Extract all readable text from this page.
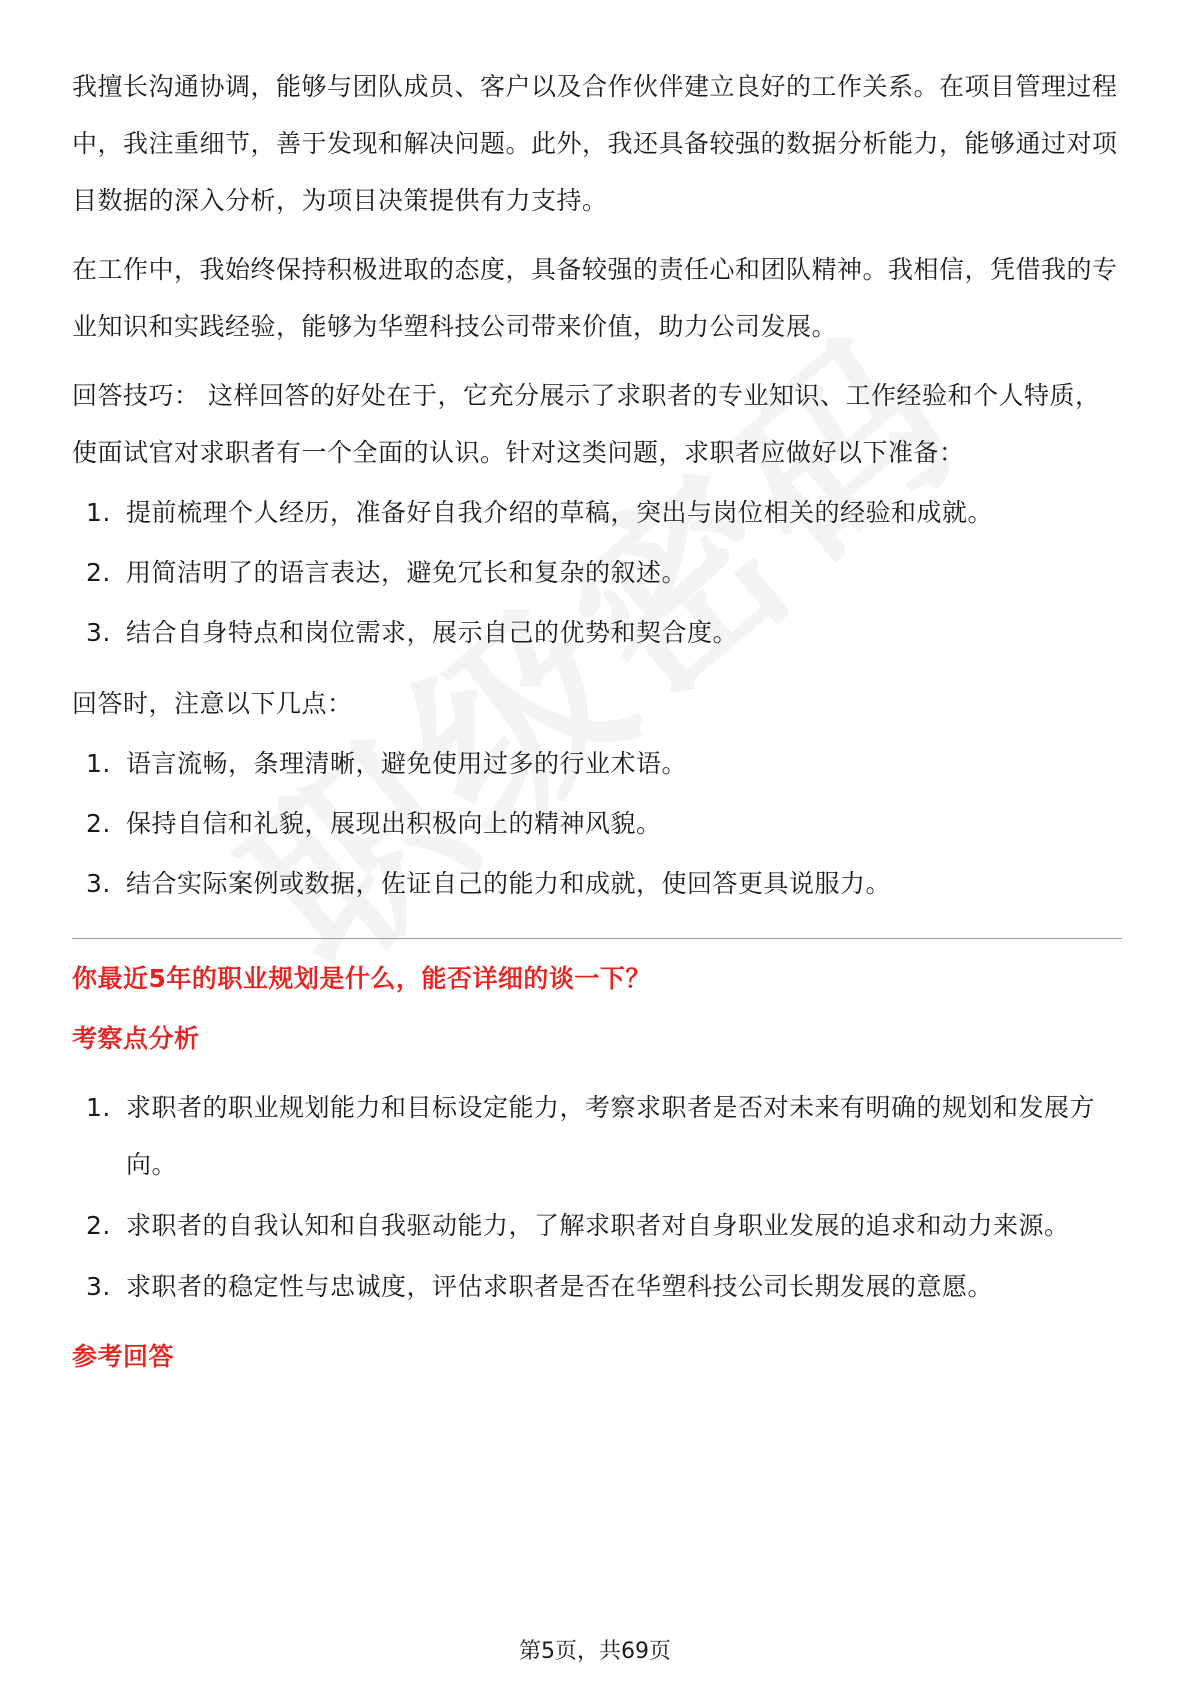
我擅长沟通协调，能够与团队成员、客户以及合作伙伴建立良好的工作关系。在项目管理过程中，我注重细节，善于发现和解决问题。此外，我还具备较强的数据分析能力，能够通过对项目数据的深入分析，为项目决策提供有力支持。

在工作中，我始终保持积极进取的态度，具备较强的责任心和团队精神。我相信，凭借我的专业知识和实践经验，能够为华塑科技公司带来价值，助力公司发展。

回答技巧： 这样回答的好处在于，它充分展示了求职者的专业知识、工作经验和个人特质，使面试官对求职者有一个全面的认识。针对这类问题，求职者应做好以下准备：

1. 提前梳理个人经历，准备好自我介绍的草稿，突出与岗位相关的经验和成就。
2. 用简洁明了的语言表达，避免冗长和复杂的叙述。
3. 结合自身特点和岗位需求，展示自己的优势和契合度。

回答时，注意以下几点：

1. 语言流畅，条理清晰，避免使用过多的行业术语。
2. 保持自信和礼貌，展现出积极向上的精神风貌。
3. 结合实际案例或数据，佐证自己的能力和成就，使回答更具说服力。
你最近5年的职业规划是什么，能否详细的谈一下？
考察点分析
1. 求职者的职业规划能力和目标设定能力，考察求职者是否对未来有明确的规划和发展方向。
2. 求职者的自我认知和自我驱动能力，了解求职者对自身职业发展的追求和动力来源。
3. 求职者的稳定性与忠诚度，评估求职者是否在华塑科技公司长期发展的意愿。
参考回答
第5页，共69页
